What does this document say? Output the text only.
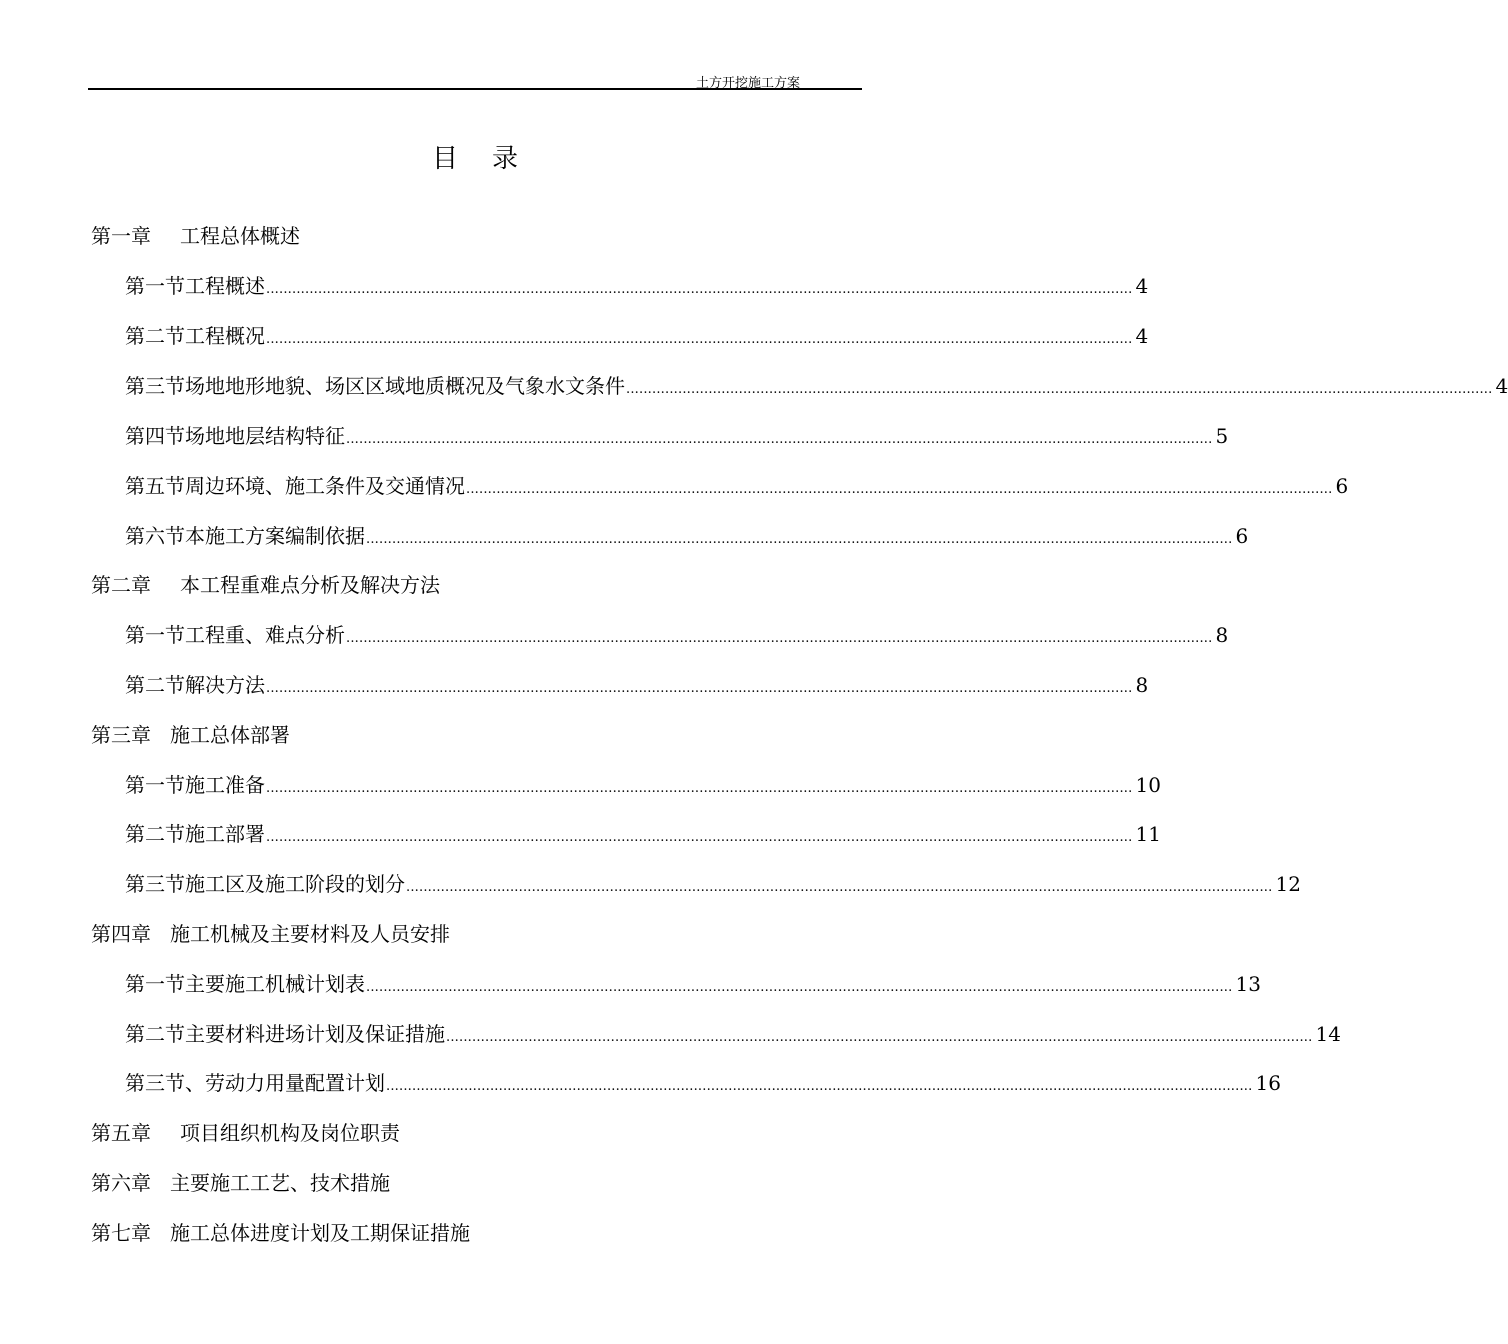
土方开挖施工方案
目录
第一章	工程总体概述
第一节 工程概述 ........................................................................................................................................................................................................ 4
第二节 工程概况 ........................................................................................................................................................................................................ 4
第三节 场地地形地貌、场区区域地质概况及气象水文条件 ........................................................................................................................................................................................................ 4
第四节 场地地层结构特征 ........................................................................................................................................................................................................ 5
第五节 周边环境、施工条件及交通情况 ........................................................................................................................................................................................................ 6
第六节 本施工方案编制依据 ........................................................................................................................................................................................................ 6
第二章	本工程重难点分析及解决方法
第一节 工程重、难点分析 ........................................................................................................................................................................................................ 8
第二节 解决方法 ........................................................................................................................................................................................................ 8
第三章 施工总体部署
第一节 施工准备 ........................................................................................................................................................................................................ 10
第二节 施工部署 ........................................................................................................................................................................................................ 11
第三节 施工区及施工阶段的划分 ........................................................................................................................................................................................................ 12
第四章 施工机械及主要材料及人员安排
第一节 主要施工机械计划表 ........................................................................................................................................................................................................ 13
第二节 主要材料进场计划及保证措施 ........................................................................................................................................................................................................ 14
第三节、 劳动力用量配置计划 ........................................................................................................................................................................................................ 16
第五章	项目组织机构及岗位职责
第六章 主要施工工艺、技术措施
第七章 施工总体进度计划及工期保证措施
